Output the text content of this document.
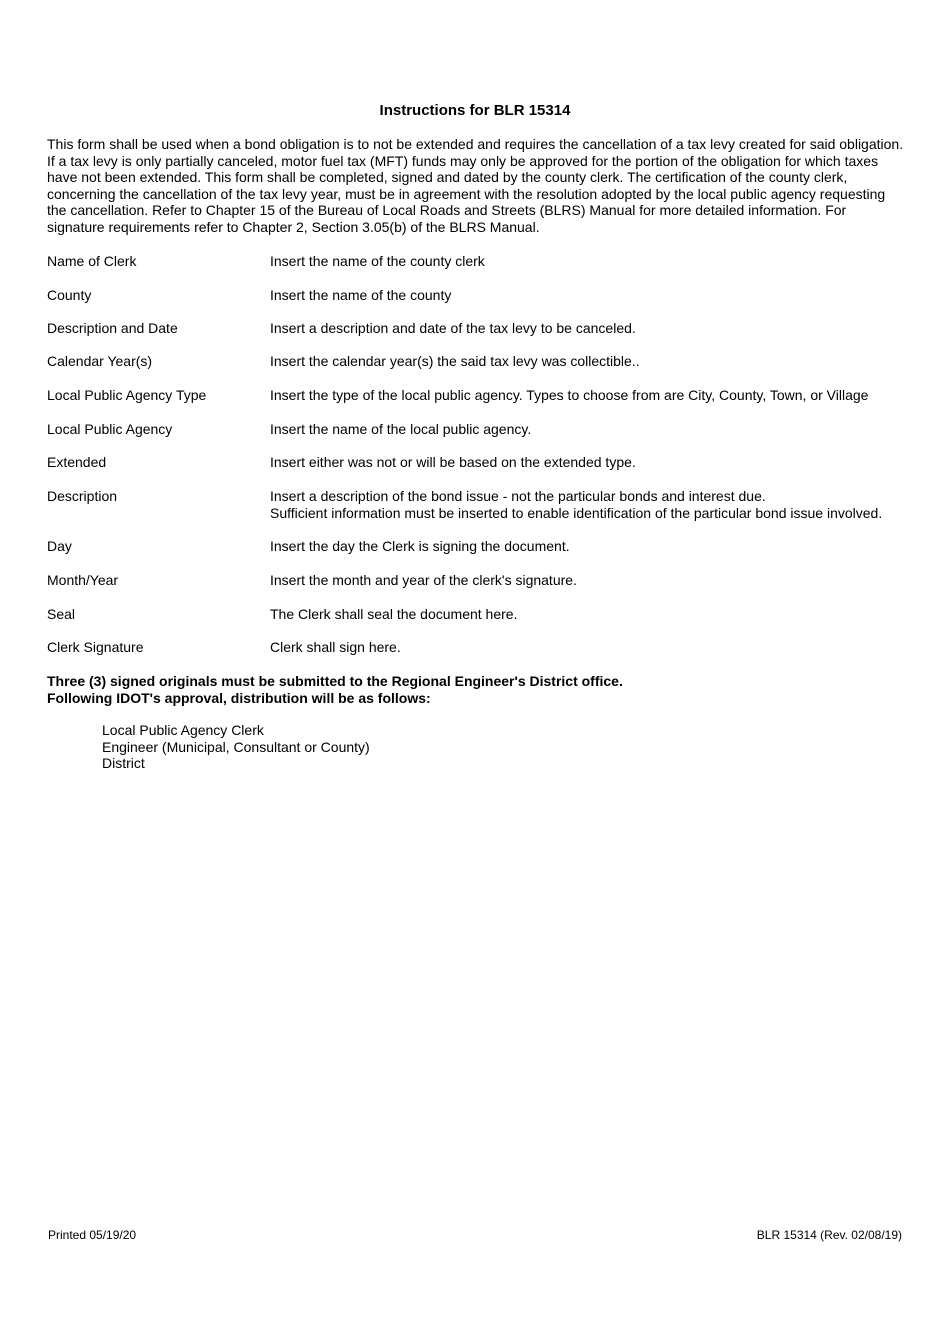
Instructions for BLR 15314
This form shall be used when a bond obligation is to not be extended and requires the cancellation of a tax levy created for said obligation.
If a tax levy is only partially canceled, motor fuel tax (MFT) funds may only be approved for the portion of the obligation for which taxes
have not been extended. This form shall be completed, signed and dated by the county clerk. The certification of the county clerk,
concerning the cancellation of the tax levy year, must be in agreement with the resolution adopted by the local public agency requesting
the cancellation. Refer to Chapter 15 of the Bureau of Local Roads and Streets (BLRS) Manual for more detailed information. For
signature requirements refer to Chapter 2, Section 3.05(b) of the BLRS Manual.
Name of Clerk	Insert the name of the county clerk
County	Insert the name of the county
Description and Date	Insert a description and date of the tax levy to be canceled.
Calendar Year(s)	Insert the calendar year(s) the said tax levy was collectible..
Local Public Agency Type	Insert the type of the local public agency. Types to choose from are City, County, Town, or Village
Local Public Agency	Insert the name of the local public agency.
Extended	Insert either was not or will be based on the extended type.
Description	Insert a description of the bond issue - not the particular bonds and interest due.
Sufficient information must be inserted to enable identification of the particular bond issue involved.
Day	Insert the day the Clerk is signing the document.
Month/Year	Insert the month and year of the clerk's signature.
Seal	The Clerk shall seal the document here.
Clerk Signature	Clerk shall sign here.
Three (3) signed originals must be submitted to the Regional Engineer's District office.
Following IDOT's approval, distribution will be as follows:
Local Public Agency Clerk
Engineer (Municipal, Consultant or County)
District
Printed 05/19/20	BLR 15314 (Rev. 02/08/19)
